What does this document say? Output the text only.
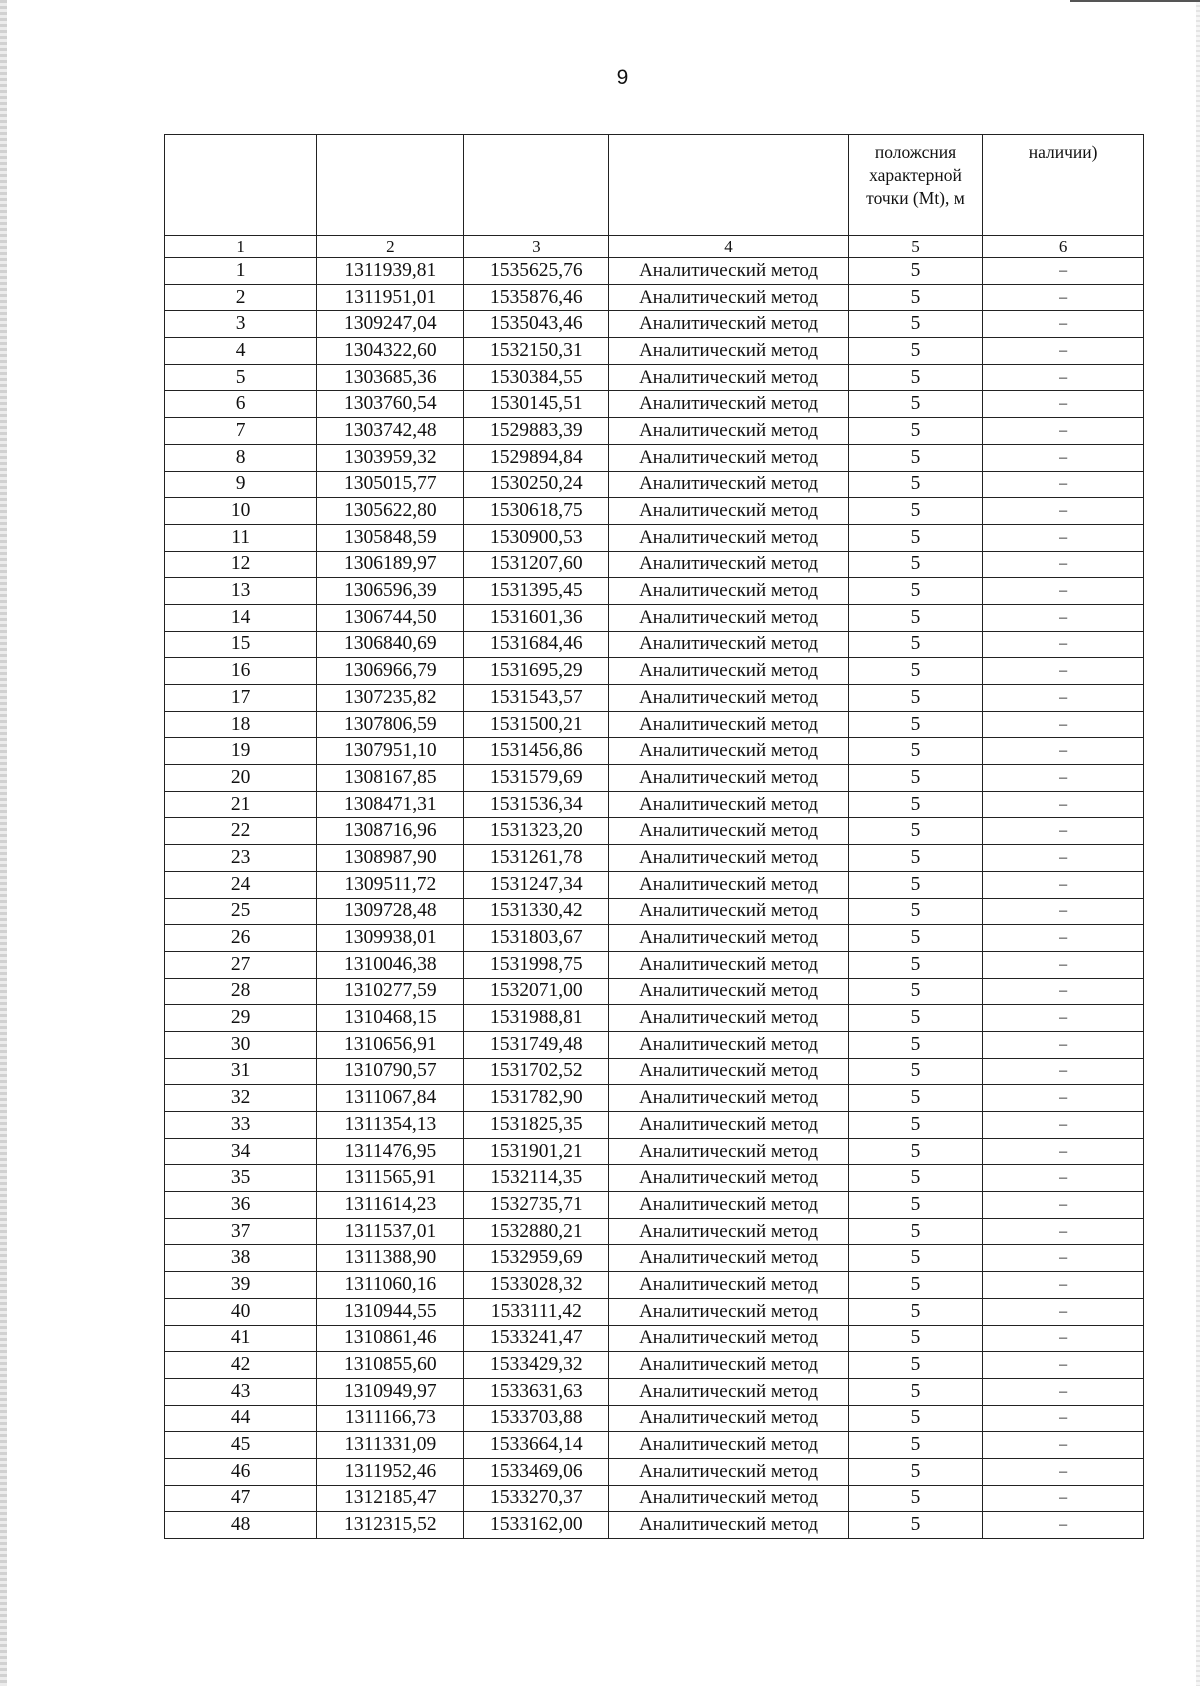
9
				положсния характерной точки (Mt), м	наличии)
1	2	3	4	5	6
1	1311939,81	1535625,76	Аналитический метод	5	–
2	1311951,01	1535876,46	Аналитический метод	5	–
3	1309247,04	1535043,46	Аналитический метод	5	–
4	1304322,60	1532150,31	Аналитический метод	5	–
5	1303685,36	1530384,55	Аналитический метод	5	–
6	1303760,54	1530145,51	Аналитический метод	5	–
7	1303742,48	1529883,39	Аналитический метод	5	–
8	1303959,32	1529894,84	Аналитический метод	5	–
9	1305015,77	1530250,24	Аналитический метод	5	–
10	1305622,80	1530618,75	Аналитический метод	5	–
11	1305848,59	1530900,53	Аналитический метод	5	–
12	1306189,97	1531207,60	Аналитический метод	5	–
13	1306596,39	1531395,45	Аналитический метод	5	–
14	1306744,50	1531601,36	Аналитический метод	5	–
15	1306840,69	1531684,46	Аналитический метод	5	–
16	1306966,79	1531695,29	Аналитический метод	5	–
17	1307235,82	1531543,57	Аналитический метод	5	–
18	1307806,59	1531500,21	Аналитический метод	5	–
19	1307951,10	1531456,86	Аналитический метод	5	–
20	1308167,85	1531579,69	Аналитический метод	5	–
21	1308471,31	1531536,34	Аналитический метод	5	–
22	1308716,96	1531323,20	Аналитический метод	5	–
23	1308987,90	1531261,78	Аналитический метод	5	–
24	1309511,72	1531247,34	Аналитический метод	5	–
25	1309728,48	1531330,42	Аналитический метод	5	–
26	1309938,01	1531803,67	Аналитический метод	5	–
27	1310046,38	1531998,75	Аналитический метод	5	–
28	1310277,59	1532071,00	Аналитический метод	5	–
29	1310468,15	1531988,81	Аналитический метод	5	–
30	1310656,91	1531749,48	Аналитический метод	5	–
31	1310790,57	1531702,52	Аналитический метод	5	–
32	1311067,84	1531782,90	Аналитический метод	5	–
33	1311354,13	1531825,35	Аналитический метод	5	–
34	1311476,95	1531901,21	Аналитический метод	5	–
35	1311565,91	1532114,35	Аналитический метод	5	–
36	1311614,23	1532735,71	Аналитический метод	5	–
37	1311537,01	1532880,21	Аналитический метод	5	–
38	1311388,90	1532959,69	Аналитический метод	5	–
39	1311060,16	1533028,32	Аналитический метод	5	–
40	1310944,55	1533111,42	Аналитический метод	5	–
41	1310861,46	1533241,47	Аналитический метод	5	–
42	1310855,60	1533429,32	Аналитический метод	5	–
43	1310949,97	1533631,63	Аналитический метод	5	–
44	1311166,73	1533703,88	Аналитический метод	5	–
45	1311331,09	1533664,14	Аналитический метод	5	–
46	1311952,46	1533469,06	Аналитический метод	5	–
47	1312185,47	1533270,37	Аналитический метод	5	–
48	1312315,52	1533162,00	Аналитический метод	5	–
